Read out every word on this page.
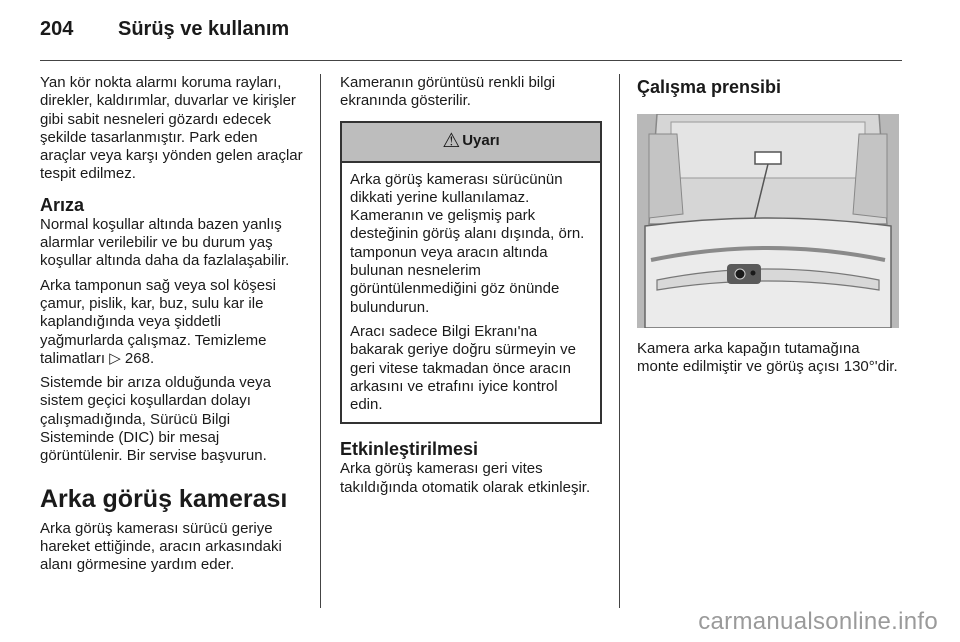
204 Sürüş ve kullanım

Yan kör nokta alarmı koruma rayları, direkler, kaldırımlar, duvarlar ve kirişler gibi sabit nesneleri gözardı edecek şekilde tasarlanmıştır. Park eden araçlar veya karşı yönden gelen araçlar tespit edilmez.

Arıza

Normal koşullar altında bazen yanlış alarmlar verilebilir ve bu durum yaş koşullar altında daha da fazlalaşabilir.

Arka tamponun sağ veya sol köşesi çamur, pislik, kar, buz, sulu kar ile kaplandığında veya şiddetli yağmurlarda çalışmaz. Temizleme talimatları ▷ 268.

Sistemde bir arıza olduğunda veya sistem geçici koşullardan dolayı çalışmadığında, Sürücü Bilgi Sisteminde (DIC) bir mesaj görüntülenir. Bir servise başvurun.

Arka görüş kamerası

Arka görüş kamerası sürücü geriye hareket ettiğinde, aracın arkasındaki alanı görmesine yardım eder.

Kameranın görüntüsü renkli bilgi ekranında gösterilir.

⚠ Uyarı

Arka görüş kamerası sürücünün dikkati yerine kullanılamaz. Kameranın ve gelişmiş park desteğinin görüş alanı dışında, örn. tamponun veya aracın altında bulunan nesnelerim görüntülenmediğini göz önünde bulundurun.

Aracı sadece Bilgi Ekranı'na bakarak geriye doğru sürmeyin ve geri vitese takmadan önce aracın arkasını ve etrafını iyice kontrol edin.

Etkinleştirilmesi

Arka görüş kamerası geri vites takıldığında otomatik olarak etkinleşir.

Çalışma prensibi

Kamera arka kapağın tutamağına monte edilmiştir ve görüş açısı 130°'dir.

carmanualsonline.info
